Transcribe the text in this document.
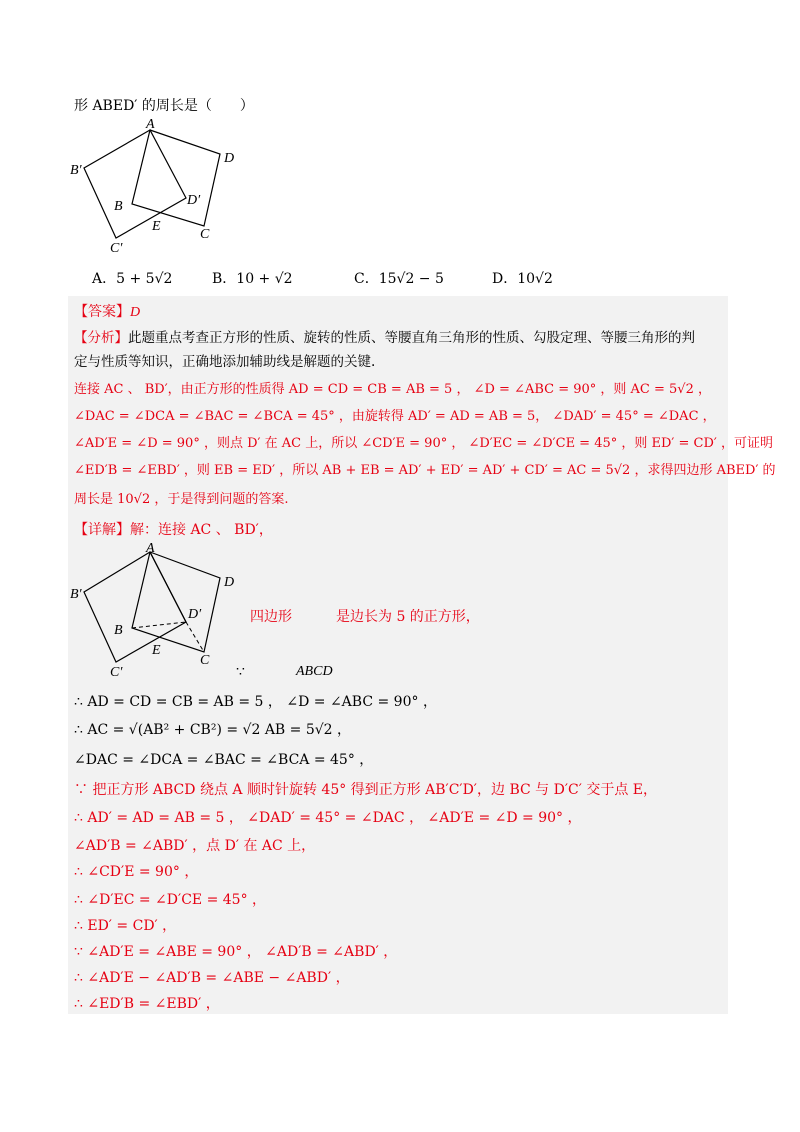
形 ABED′ 的周长是（　　）
A
B′
D
B	D′
E
C
C′
A．5 + 5√2	B．10 + √2	C．15√2 − 5	D．10√2
【答案】D
【分析】此题重点考查正方形的性质、旋转的性质、等腰直角三角形的性质、勾股定理、等腰三角形的判
定与性质等知识，正确地添加辅助线是解题的关键.
连接 AC 、 BD′，由正方形的性质得 AD = CD = CB = AB = 5 ， ∠D = ∠ABC = 90° ，则 AC = 5√2 ，
∠DAC = ∠DCA = ∠BAC = ∠BCA = 45° ，由旋转得 AD′ = AD = AB = 5， ∠DAD′ = 45° = ∠DAC ，
∠AD′E = ∠D = 90° ，则点 D′ 在 AC 上，所以 ∠CD′E = 90° ， ∠D′EC = ∠D′CE = 45° ，则 ED′ = CD′ ，可证明
∠ED′B = ∠EBD′ ，则 EB = ED′ ，所以 AB + EB = AD′ + ED′ = AD′ + CD′ = AC = 5√2 ，求得四边形 ABED′ 的
周长是 10√2 ，于是得到问题的答案.
【详解】解：连接 AC 、 BD′，
A
B′
D
B
D′
E
C
C′
四边形	是边长为 5 的正方形，
∵	ABCD
∴ AD = CD = CB = AB = 5 ， ∠D = ∠ABC = 90° ，
∴ AC = √(AB² + CB²) = √2 AB = 5√2 ，
∠DAC = ∠DCA = ∠BAC = ∠BCA = 45° ，
∵ 把正方形 ABCD 绕点 A 顺时针旋转 45° 得到正方形 AB′C′D′，边 BC 与 D′C′ 交于点 E，
∴ AD′ = AD = AB = 5 ， ∠DAD′ = 45° = ∠DAC ， ∠AD′E = ∠D = 90° ，
∠AD′B = ∠ABD′ ，点 D′ 在 AC 上，
∴ ∠CD′E = 90° ，
∴ ∠D′EC = ∠D′CE = 45° ，
∴ ED′ = CD′ ，
∵ ∠AD′E = ∠ABE = 90° ， ∠AD′B = ∠ABD′ ，
∴ ∠AD′E − ∠AD′B = ∠ABE − ∠ABD′ ，
∴ ∠ED′B = ∠EBD′ ，
